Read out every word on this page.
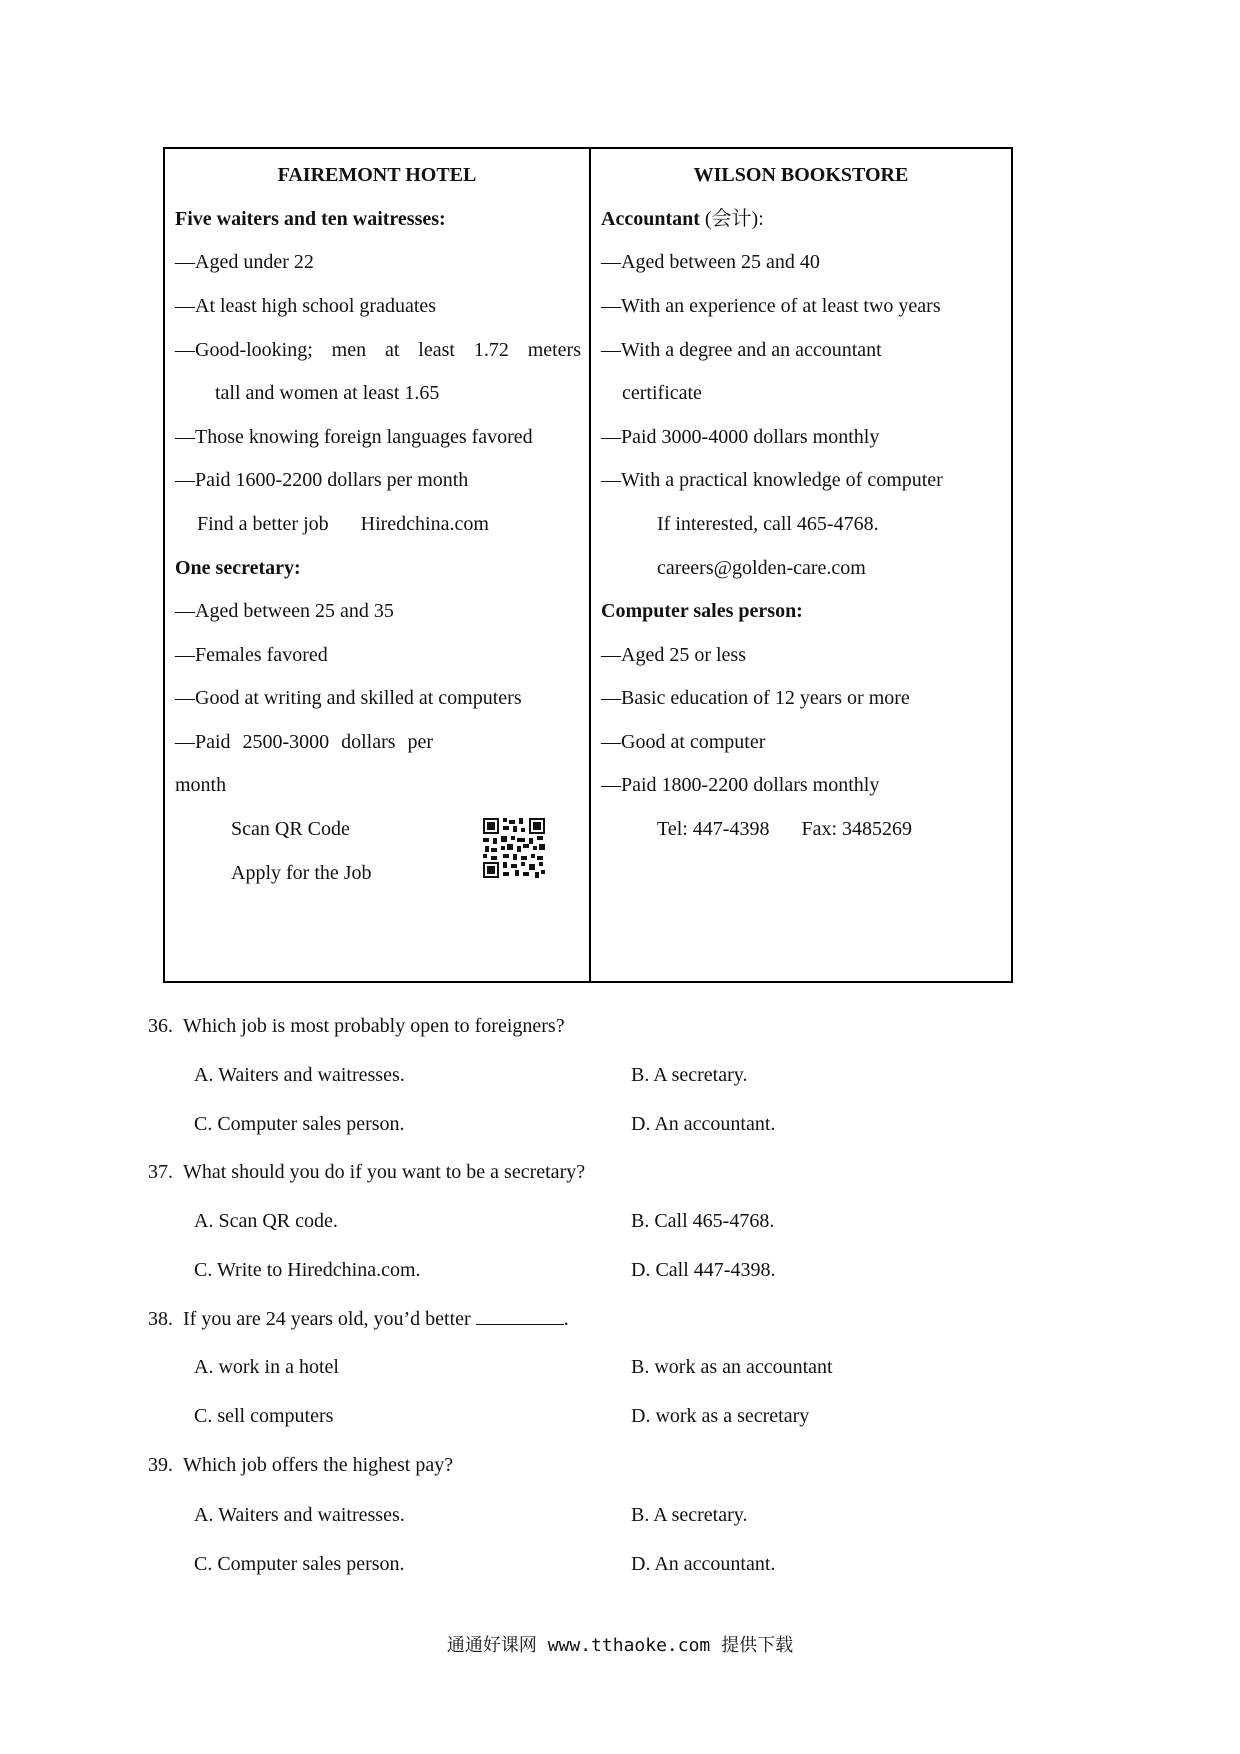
FAIREMONT HOTEL
Five waiters and ten waitresses:
—Aged under 22
—At least high school graduates
—Good-looking; men at least 1.72 meters
tall and women at least 1.65
—Those knowing foreign languages favored
—Paid 1600-2200 dollars per month
Find a better job Hiredchina.com
One secretary:
—Aged between 25 and 35
—Females favored
—Good at writing and skilled at computers
—Paid 2500-3000 dollars per
month
Scan QR Code
Apply for the Job
WILSON BOOKSTORE
Accountant (会计):
—Aged between 25 and 40
—With an experience of at least two years
—With a degree and an accountant
certificate
—Paid 3000-4000 dollars monthly
—With a practical knowledge of computer
If interested, call 465-4768.
careers@golden-care.com
Computer sales person:
—Aged 25 or less
—Basic education of 12 years or more
—Good at computer
—Paid 1800-2200 dollars monthly
Tel: 447-4398 Fax: 3485269
36. Which job is most probably open to foreigners?
A. Waiters and waitresses.	B. A secretary.
C. Computer sales person.	D. An accountant.
37. What should you do if you want to be a secretary?
A. Scan QR code.	B. Call 465-4768.
C. Write to Hiredchina.com.	D. Call 447-4398.
38. If you are 24 years old, you’d better	.
A. work in a hotel	B. work as an accountant
C. sell computers	D. work as a secretary
39. Which job offers the highest pay?
A. Waiters and waitresses.	B. A secretary.
C. Computer sales person.	D. An accountant.
通通好课网 www.tthaoke.com 提供下载
